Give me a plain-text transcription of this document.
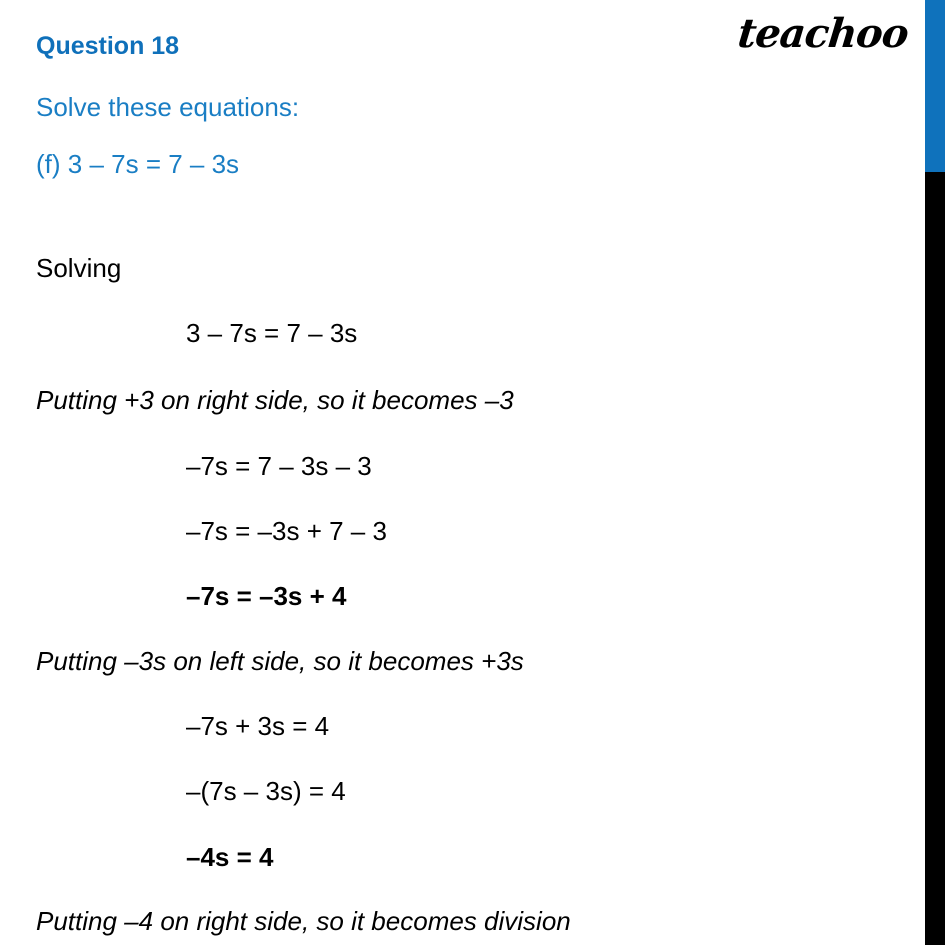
teachoo
Question 18
Solve these equations:
(f) 3 – 7s = 7 – 3s
Solving
3 – 7s = 7 – 3s
Putting +3 on right side, so it becomes –3
–7s = 7 – 3s – 3
–7s = –3s + 7 – 3
–7s = –3s + 4
Putting –3s on left side, so it becomes +3s
–7s + 3s = 4
–(7s – 3s) = 4
–4s = 4
Putting –4 on right side, so it becomes division
